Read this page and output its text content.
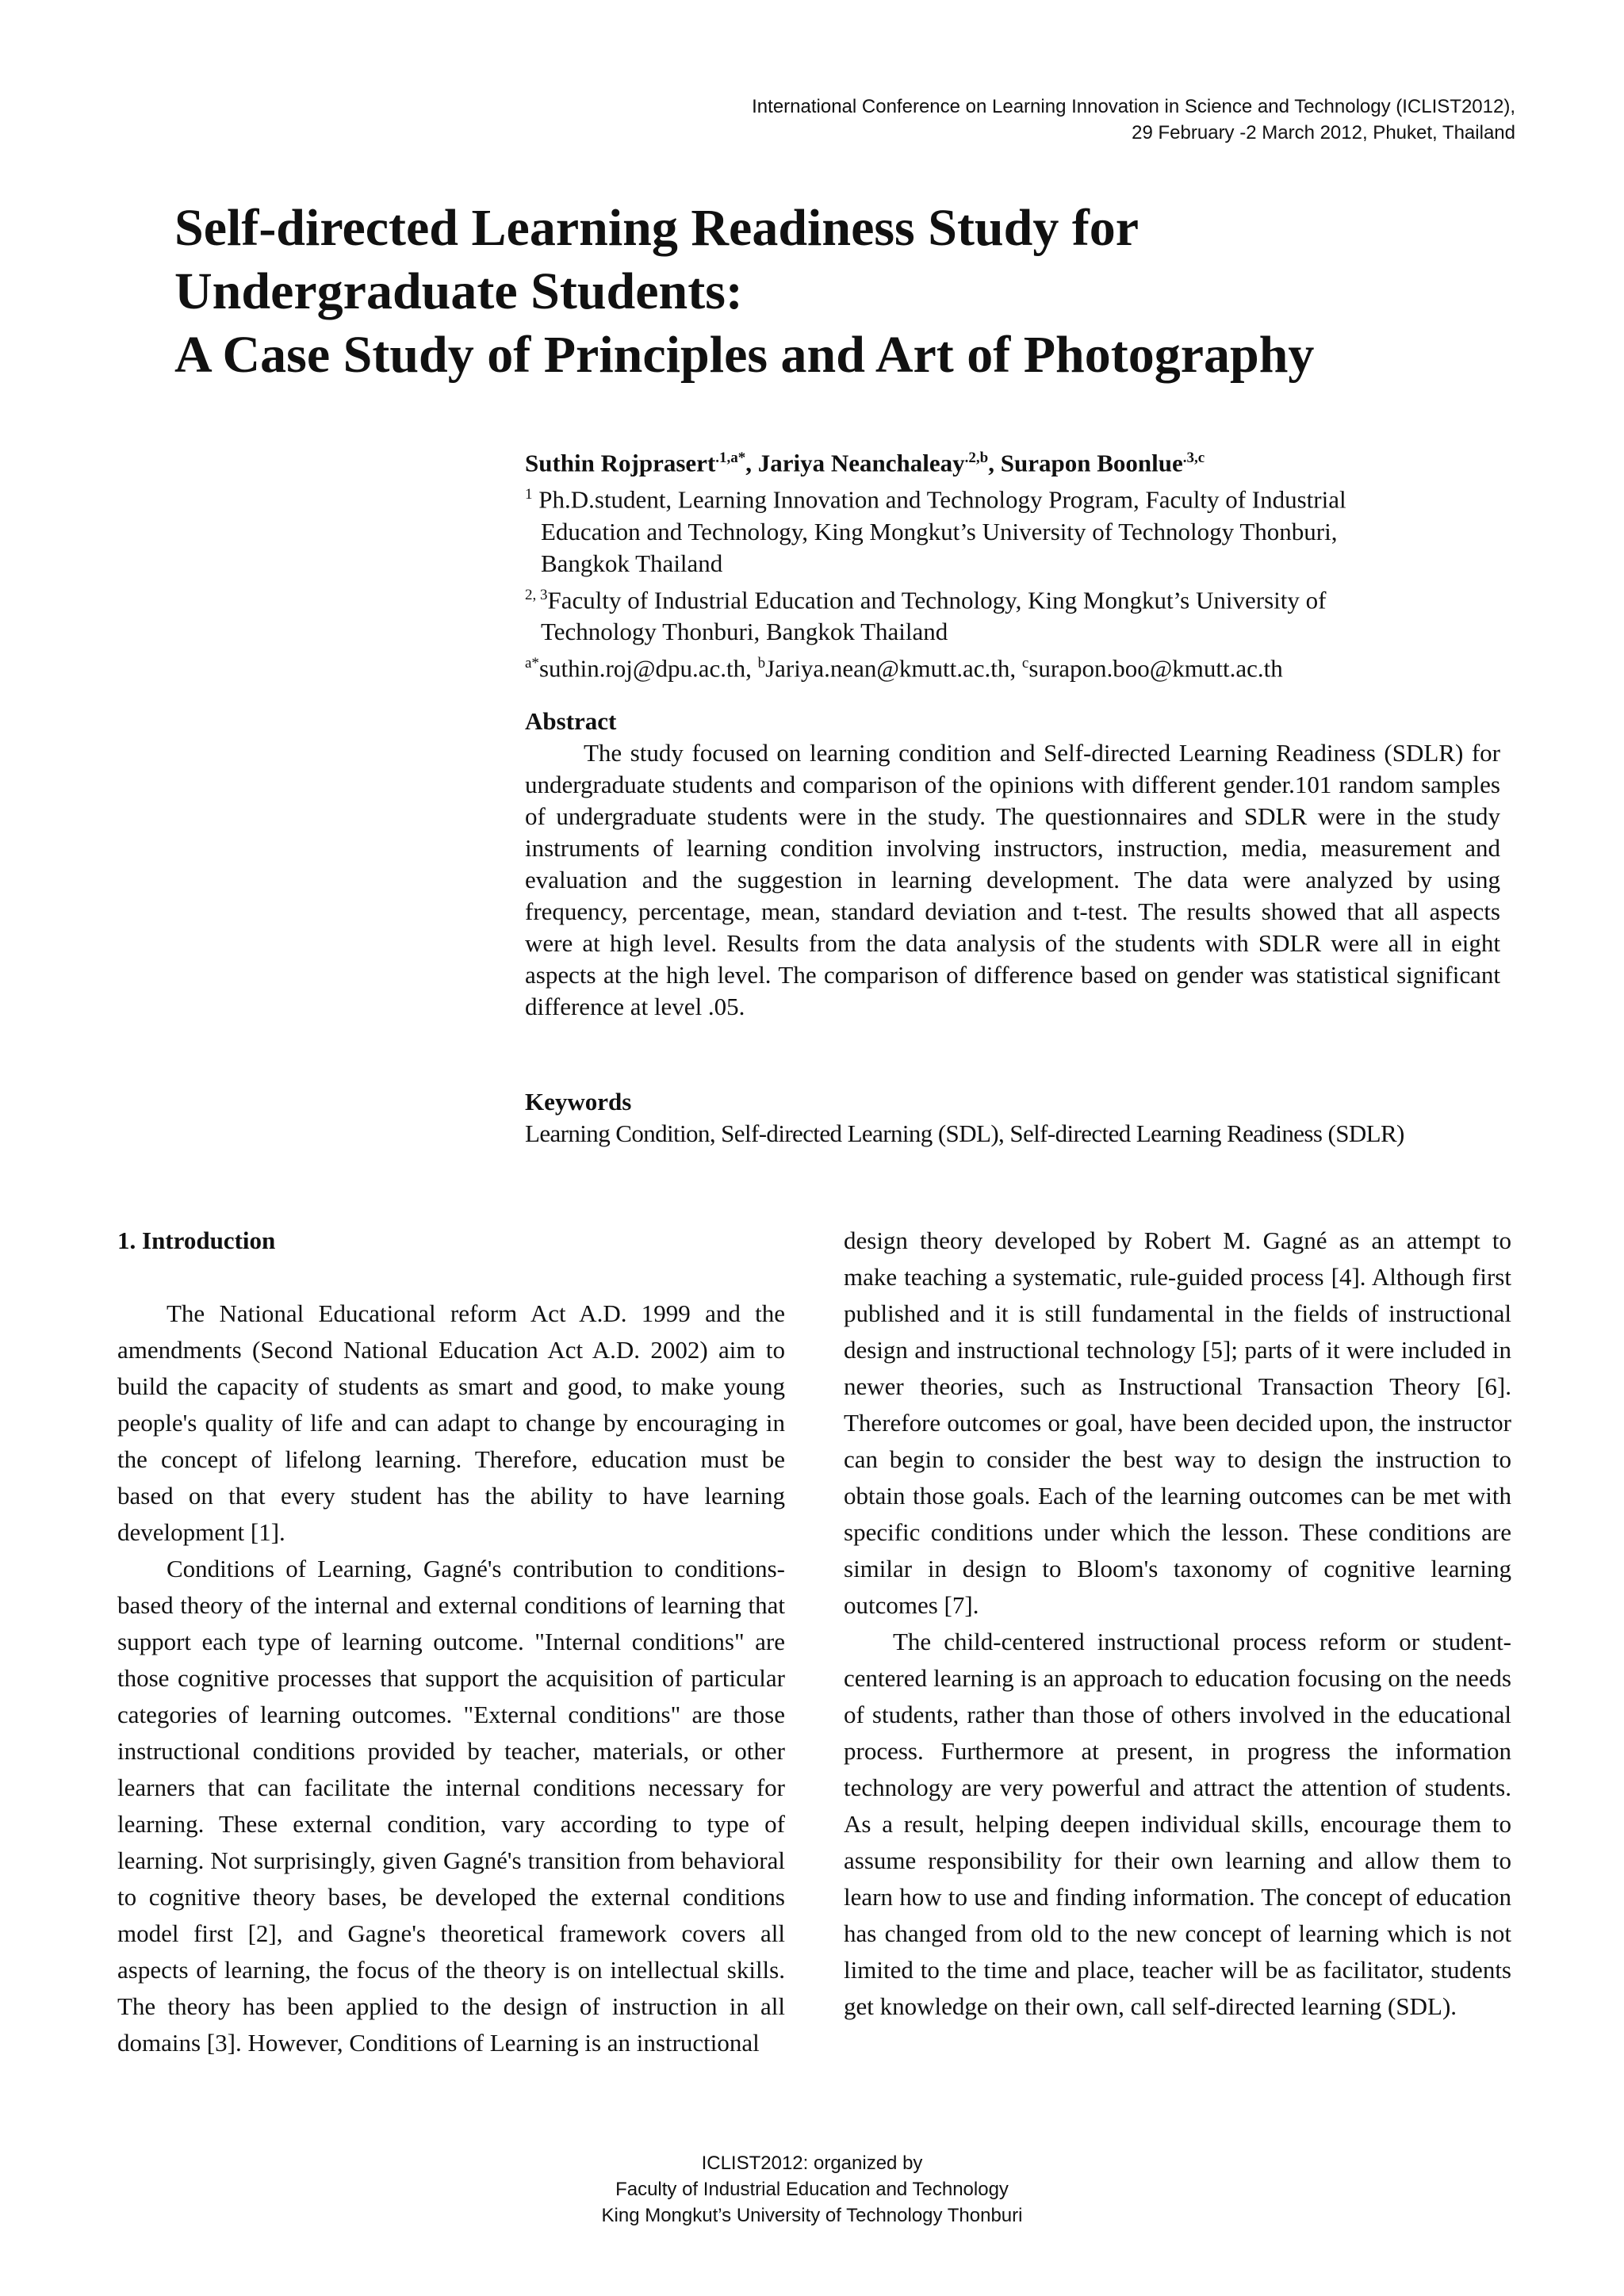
International Conference on Learning Innovation in Science and Technology (ICLIST2012),
29 February -2 March 2012, Phuket, Thailand
Self-directed Learning Readiness Study for
Undergraduate Students:
A Case Study of Principles and Art of Photography
Suthin Rojprasert$^{.1,a*}$, Jariya Neanchaleay$^{.2,b}$, Surapon Boonlue$^{.3,c}$
$^1$ Ph.D.student, Learning Innovation and Technology Program, Faculty of Industrial
Education and Technology, King Mongkut’s University of Technology Thonburi,
Bangkok Thailand
$^{2, 3}$Faculty of Industrial Education and Technology, King Mongkut’s University of
Technology Thonburi, Bangkok Thailand
$^{a*}$suthin.roj@dpu.ac.th, $^b$Jariya.nean@kmutt.ac.th, $^c$surapon.boo@kmutt.ac.th
Abstract

The study focused on learning condition and Self-directed Learning Readiness (SDLR) for undergraduate students and comparison of the opinions with different gender.101 random samples of undergraduate students were in the study. The questionnaires and SDLR were in the study instruments of learning condition involving instructors, instruction, media, measurement and evaluation and the suggestion in learning development. The data were analyzed by using frequency, percentage, mean, standard deviation and t-test. The results showed that all aspects were at high level. Results from the data analysis of the students with SDLR were all in eight aspects at the high level. The comparison of difference based on gender was statistical significant difference at level .05.

Keywords
Learning Condition, Self-directed Learning (SDL), Self-directed Learning Readiness (SDLR)
1. Introduction

The National Educational reform Act A.D. 1999 and the amendments (Second National Education Act A.D. 2002) aim to build the capacity of students as smart and good, to make young people's quality of life and can adapt to change by encouraging in the concept of lifelong learning. Therefore, education must be based on that every student has the ability to have learning development [1].

Conditions of Learning, Gagné's contribution to conditions-based theory of the internal and external conditions of learning that support each type of learning outcome. "Internal conditions" are those cognitive processes that support the acquisition of particular categories of learning outcomes. "External conditions" are those instructional conditions provided by teacher, materials, or other learners that can facilitate the internal conditions necessary for learning. These external condition, vary according to type of learning. Not surprisingly, given Gagné's transition from behavioral to cognitive theory bases, be developed the external conditions model first [2], and Gagne's theoretical framework covers all aspects of learning, the focus of the theory is on intellectual skills. The theory has been applied to the design of instruction in all domains [3]. However, Conditions of Learning is an instructional

design theory developed by Robert M. Gagné as an attempt to make teaching a systematic, rule-guided process [4]. Although first published and it is still fundamental in the fields of instructional design and instructional technology [5]; parts of it were included in newer theories, such as Instructional Transaction Theory [6]. Therefore outcomes or goal, have been decided upon, the instructor can begin to consider the best way to design the instruction to obtain those goals. Each of the learning outcomes can be met with specific conditions under which the lesson. These conditions are similar in design to Bloom's taxonomy of cognitive learning outcomes [7].

The child-centered instructional process reform or student-centered learning is an approach to education focusing on the needs of students, rather than those of others involved in the educational process. Furthermore at present, in progress the information technology are very powerful and attract the attention of students. As a result, helping deepen individual skills, encourage them to assume responsibility for their own learning and allow them to learn how to use and finding information. The concept of education has changed from old to the new concept of learning which is not limited to the time and place, teacher will be as facilitator, students get knowledge on their own, call self-directed learning (SDL).

ICLIST2012: organized by
Faculty of Industrial Education and Technology
King Mongkut’s University of Technology Thonburi
